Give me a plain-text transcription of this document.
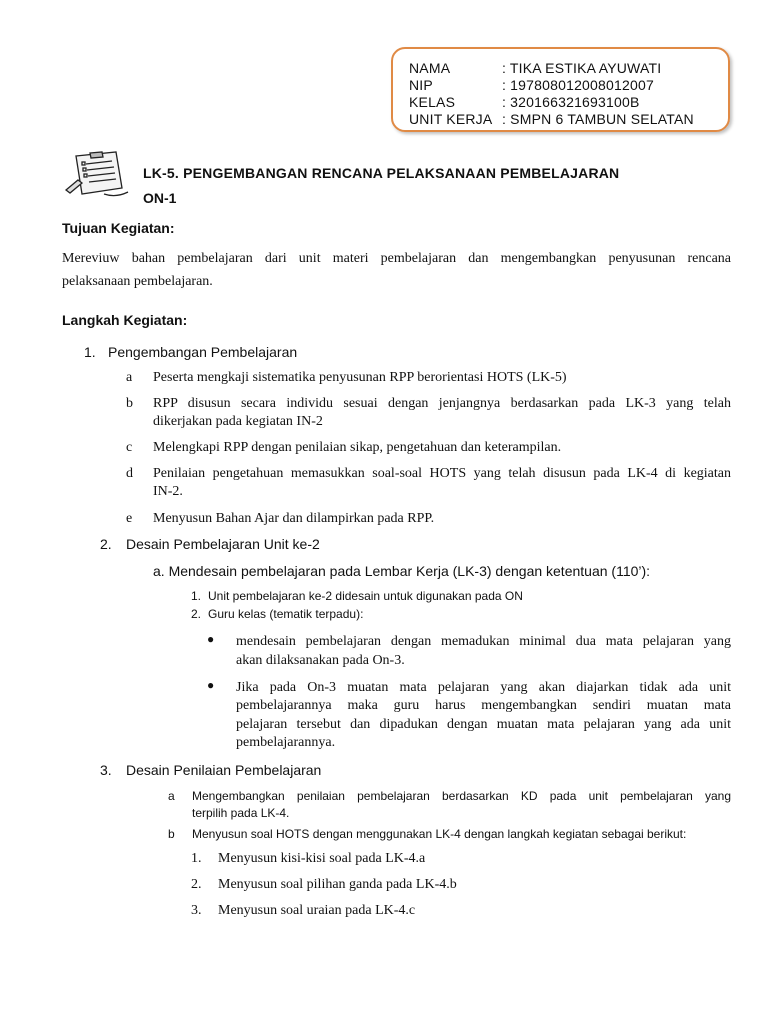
NAMA	: TIKA ESTIKA AYUWATI
NIP	: 197808012008012007
KELAS	: 320166321693100B
UNIT KERJA : SMPN 6 TAMBUN SELATAN
LK-5. PENGEMBANGAN RENCANA PELAKSANAAN PEMBELAJARAN
ON-1
Tujuan Kegiatan:
Mereviuw bahan pembelajaran dari unit materi pembelajaran dan mengembangkan penyusunan rencana
pelaksanaan pembelajaran.
Langkah Kegiatan:
1. Pengembangan Pembelajaran
a Peserta mengkaji sistematika penyusunan RPP berorientasi HOTS (LK-5)
b RPP disusun secara individu sesuai dengan jenjangnya berdasarkan pada LK-3 yang telah
dikerjakan pada kegiatan IN-2
c Melengkapi RPP dengan penilaian sikap, pengetahuan dan keterampilan.
d Penilaian pengetahuan memasukkan soal-soal HOTS yang telah disusun pada LK-4 di kegiatan
IN-2.
e Menyusun Bahan Ajar dan dilampirkan pada RPP.
2. Desain Pembelajaran Unit ke-2
a. Mendesain pembelajaran pada Lembar Kerja (LK-3) dengan ketentuan (110’):
1. Unit pembelajaran ke-2 didesain untuk digunakan pada ON
2. Guru kelas (tematik terpadu):
● mendesain pembelajaran dengan memadukan minimal dua mata pelajaran yang
akan dilaksanakan pada On-3.
● Jika pada On-3 muatan mata pelajaran yang akan diajarkan tidak ada unit
pembelajarannya maka guru harus mengembangkan sendiri muatan mata
pelajaran tersebut dan dipadukan dengan muatan mata pelajaran yang ada unit
pembelajarannya.
3. Desain Penilaian Pembelajaran
a Mengembangkan penilaian pembelajaran berdasarkan KD pada unit pembelajaran yang
terpilih pada LK-4.
b Menyusun soal HOTS dengan menggunakan LK-4 dengan langkah kegiatan sebagai berikut:
1. Menyusun kisi-kisi soal pada LK-4.a
2. Menyusun soal pilihan ganda pada LK-4.b
3. Menyusun soal uraian pada LK-4.c
